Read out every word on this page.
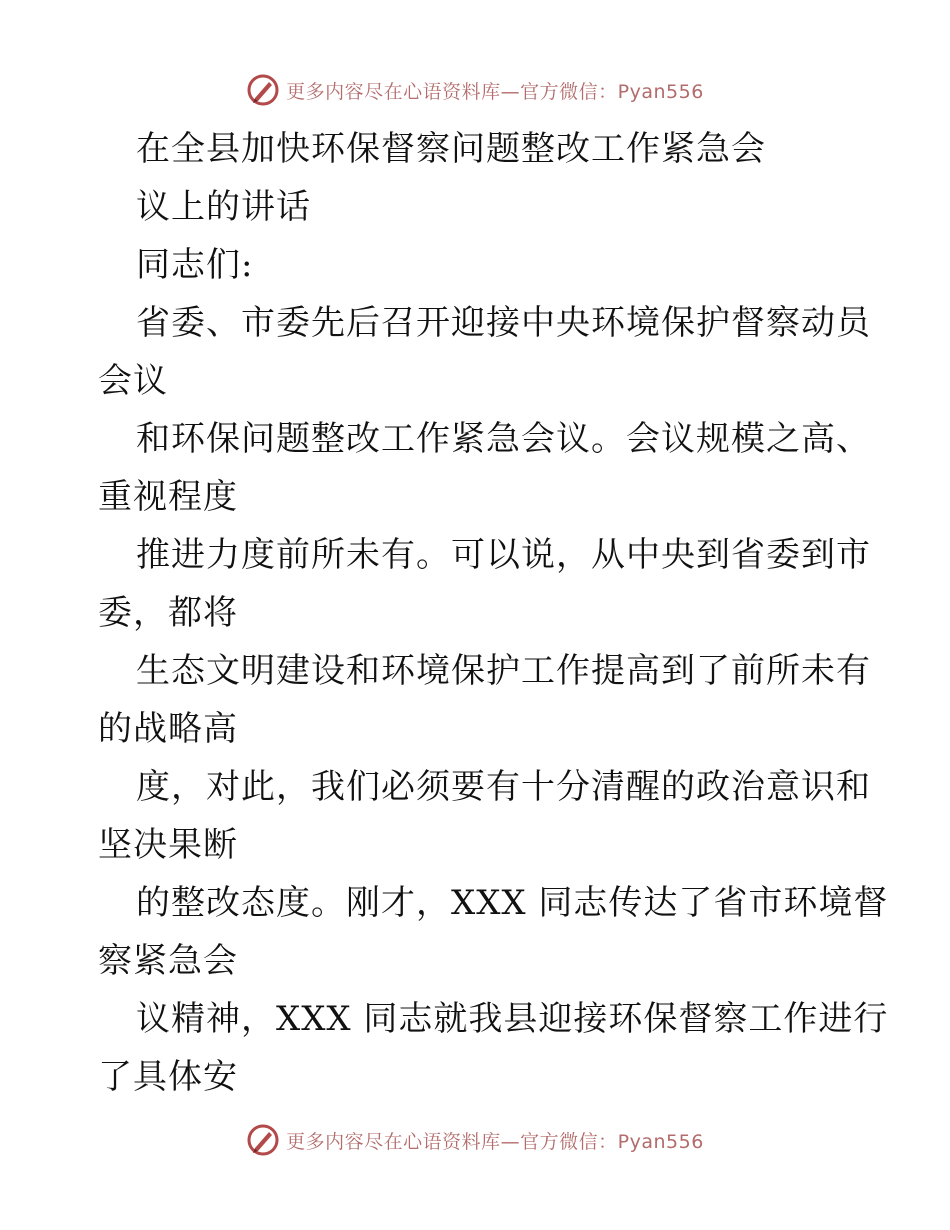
更多内容尽在心语资料库—官方微信：Pyan556
在全县加快环保督察问题整改工作紧急会
议上的讲话
同志们:
省委、市委先后召开迎接中央环境保护督察动员
会议
和环保问题整改工作紧急会议。会议规模之高、
重视程度
推进力度前所未有。可以说，从中央到省委到市
委，都将
生态文明建设和环境保护工作提高到了前所未有
的战略高
度，对此，我们必须要有十分清醒的政治意识和
坚决果断
的整改态度。刚才，XXX 同志传达了省市环境督
察紧急会
议精神，XXX 同志就我县迎接环保督察工作进行
了具体安
更多内容尽在心语资料库—官方微信：Pyan556
